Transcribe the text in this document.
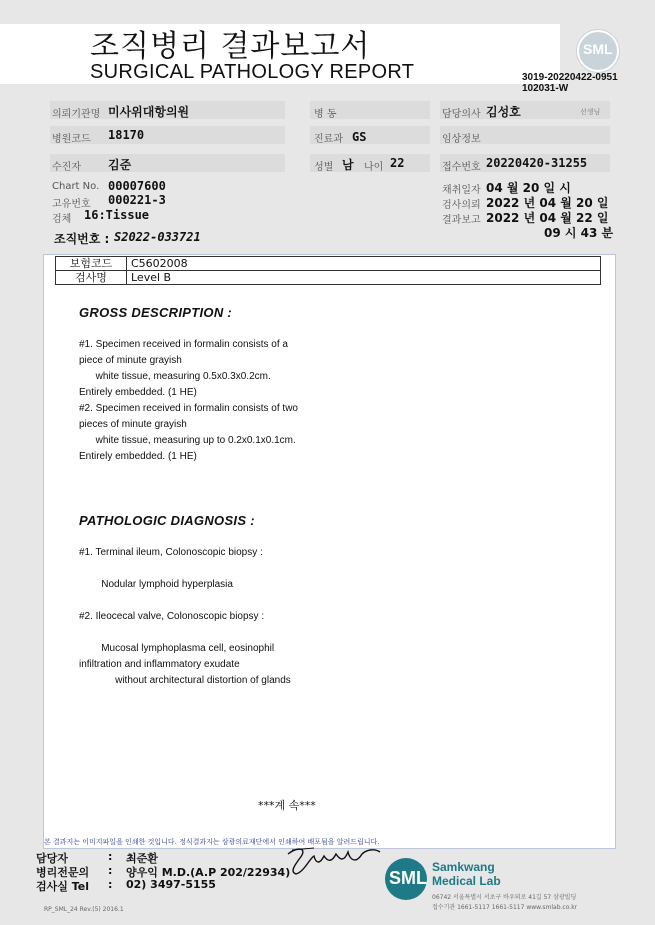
조직병리 결과보고서
SURGICAL PATHOLOGY REPORT	3019-20220422-0951
102031-W
SML
의뢰기관명 미사위대항의원	병 동	담당의사 김성호	선생님
병원코드 18170	진료과 GS	임상정보
수진자 김준	성별 남 나이 22	접수번호 20220420-31255
Chart No. 00007600
고유번호 000221-3
검체 16:Tissue
채취일자 04 월 20 일 시
검사의뢰 2022 년 04 월 20 일
결과보고 2022 년 04 월 22 일
09 시 43 분
조직번호 : S2022-033721
보험코드	C5602008
검사명	Level B
GROSS DESCRIPTION :
#1. Specimen received in formalin consists of a
piece of minute grayish
white tissue, measuring 0.5x0.3x0.2cm.
Entirely embedded. (1 HE)
#2. Specimen received in formalin consists of two
pieces of minute grayish
white tissue, measuring up to 0.2x0.1x0.1cm.
Entirely embedded. (1 HE)
PATHOLOGIC DIAGNOSIS :
#1. Terminal ileum, Colonoscopic biopsy :

Nodular lymphoid hyperplasia

#2. Ileocecal valve, Colonoscopic biopsy :

Mucosal lymphoplasma cell, eosinophil
infiltration and inflammatory exudate
without architectural distortion of glands
***계 속***
본 결과지는 이미지파일을 인쇄한 것입니다. 정식결과지는 삼광의료재단에서 인쇄하여 배포됨을 알려드립니다.
담당자	: 최준환
병리전문의 : 양우익 M.D.(A.P 202/22934)
검사실 Tel : 02) 3497-5155	SML
Samkwang
Medical Lab
06742 서울특별시 서초구 바우뫼로 41길 57 삼광빌딩
접수기관 1661-5117 1661-5117 www.smlab.co.kr
RP_SML_24 Rev.(5) 2016.1
